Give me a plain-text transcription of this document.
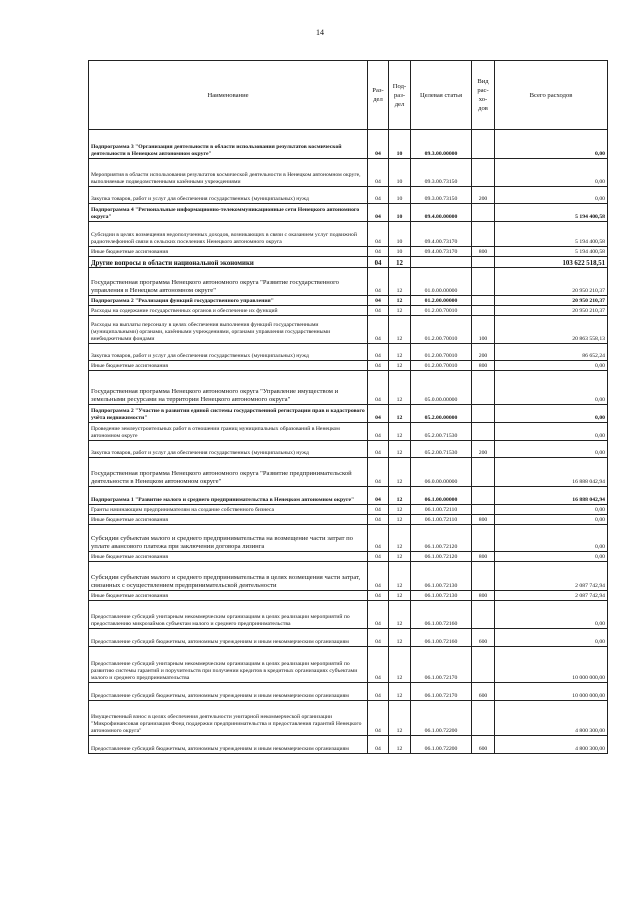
14
Наименование	Раз-дел	Под-раз-дел	Целевая статья	Вид рас-хо-дов	Всего расходов
Подпрограмма 3 "Организация деятельности в области использования результатов космической деятельности в Ненецком автономном округе"	04	10	09.3.00.00000		0,00
Мероприятия в области использования результатов космической деятельности в Ненецком автономном округе, выполняемые подведомственными казёнными учреждениями	04	10	09.3.00.73150		0,00
Закупка товаров, работ и услуг для обеспечения государственных (муниципальных) нужд	04	10	09.3.00.73150	200	0,00
Подпрограмма 4 "Региональные информационно-телекоммуникационные сети Ненецкого автономного округа"	04	10	09.4.00.00000		5 194 400,58
Субсидии в целях возмещения недополученных доходов, возникающих в связи с оказанием услуг подвижной радиотелефонной связи в сельских поселениях Ненецкого автономного округа	04	10	09.4.00.73170		5 194 400,58
Иные бюджетные ассигнования	04	10	09.4.00.73170	800	5 194 400,58
Другие вопросы в области национальной экономики	04	12			103 622 518,51
Государственная программа Ненецкого автономного округа "Развитие государственного управления в Ненецком автономном округе"	04	12	01.0.00.00000		20 950 210,37
Подпрограмма 2 "Реализация функций государственного управления"	04	12	01.2.00.00000		20 950 210,37
Расходы на содержание государственных органов и обеспечение их функций	04	12	01.2.00.70010		20 950 210,37
Расходы на выплаты персоналу в целях обеспечения выполнения функций государственными (муниципальными) органами, казёнными учреждениями, органами управления государственными внебюджетными фондами	04	12	01.2.00.70010	100	20 863 558,13
Закупка товаров, работ и услуг для обеспечения государственных (муниципальных) нужд	04	12	01.2.00.70010	200	86 652,24
Иные бюджетные ассигнования	04	12	01.2.00.70010	800	0,00
Государственная программа Ненецкого автономного округа "Управление имуществом и земельными ресурсами на территории Ненецкого автономного округа"	04	12	05.0.00.00000		0,00
Подпрограмма 2 "Участие в развитии единой системы государственной регистрации прав и кадастрового учёта недвижимости"	04	12	05.2.00.00000		0,00
Проведение землеустроительных работ в отношении границ муниципальных образований в Ненецком автономном округе	04	12	05.2.00.71530		0,00
Закупка товаров, работ и услуг для обеспечения государственных (муниципальных) нужд	04	12	05.2.00.71530	200	0,00
Государственная программа Ненецкого автономного округа "Развитие предпринимательской деятельности в Ненецком автономном округе"	04	12	06.0.00.00000		16 888 042,94
Подпрограмма 1 "Развитие малого и среднего предпринимательства в Ненецком автономном округе"	04	12	06.1.00.00000		16 888 042,94
Гранты начинающим предпринимателям на создание собственного бизнеса	04	12	06.1.00.72110		0,00
Иные бюджетные ассигнования	04	12	06.1.00.72110	800	0,00
Субсидии субъектам малого и среднего предпринимательства на возмещение части затрат по уплате авансового платежа при заключении договора лизинга	04	12	06.1.00.72120		0,00
Иные бюджетные ассигнования	04	12	06.1.00.72120	800	0,00
Субсидии субъектам малого и среднего предпринимательства в целях возмещения части затрат, связанных с осуществлением предпринимательской деятельности	04	12	06.1.00.72130		2 087 742,94
Иные бюджетные ассигнования	04	12	06.1.00.72130	800	2 087 742,94
Предоставление субсидий унитарным некоммерческим организациям в целях реализации мероприятий по предоставлению микрозаймов субъектам малого и среднего предпринимательства	04	12	06.1.00.72160		0,00
Предоставление субсидий бюджетным, автономным учреждениям и иным некоммерческим организациям	04	12	06.1.00.72160	600	0,00
Предоставление субсидий унитарным некоммерческим организациям в целях реализации мероприятий по развитию системы гарантий и поручительств при получении кредитов в кредитных организациях субъектами малого и среднего предпринимательства	04	12	06.1.00.72170		10 000 000,00
Предоставление субсидий бюджетным, автономным учреждениям и иным некоммерческим организациям	04	12	06.1.00.72170	600	10 000 000,00
Имущественный взнос в целях обеспечения деятельности унитарной некоммерческой организации "Микрофинансовая организация Фонд поддержки предпринимательства и предоставления гарантий Ненецкого автономного округа"	04	12	06.1.00.72200		4 800 300,00
Предоставление субсидий бюджетным, автономным учреждениям и иным некоммерческим организациям	04	12	06.1.00.72200	600	4 800 300,00
